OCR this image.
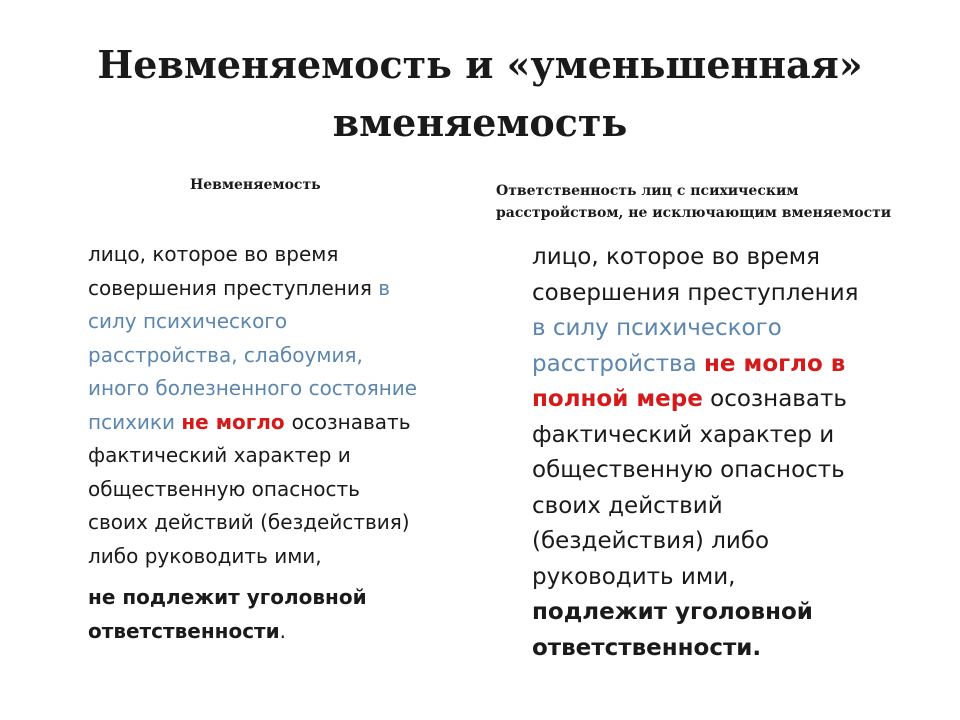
Невменяемость и «уменьшенная»
вменяемость
Невменяемость	Ответственность лиц с психическим расстройством, не исключающим вменяемости
лицо, которое во время
совершения преступления в
силу психического
расстройства, слабоумия,
иного болезненного состояние
психики не могло осознавать
фактический характер и
общественную опасность
своих действий (бездействия)
либо руководить ими,
не подлежит уголовной
ответственности.
лицо, которое во время
совершения преступления
в силу психического
расстройства не могло в
полной мере осознавать
фактический характер и
общественную опасность
своих действий
(бездействия) либо
руководить ими,
подлежит уголовной
ответственности.
